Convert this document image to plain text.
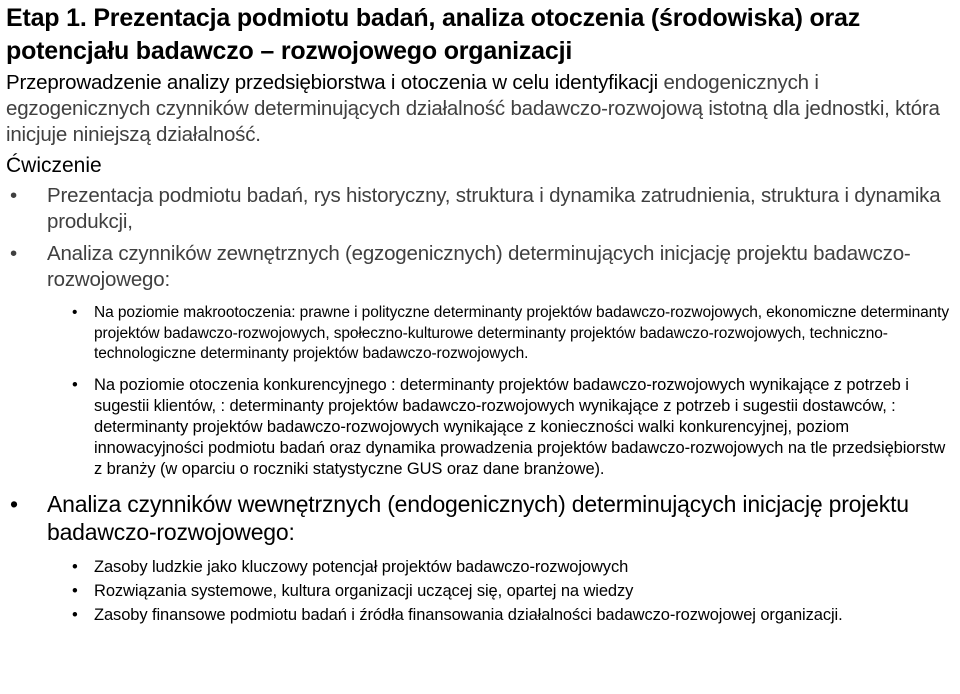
Etap 1. Prezentacja podmiotu badań, analiza otoczenia (środowiska) oraz potencjału badawczo – rozwojowego organizacji

Przeprowadzenie analizy przedsiębiorstwa i otoczenia w celu identyfikacji endogenicznych i egzogenicznych czynników determinujących działalność badawczo-rozwojową istotną dla jednostki, która inicjuje niniejszą działalność.

Ćwiczenie
• Prezentacja podmiotu badań, rys historyczny, struktura i dynamika zatrudnienia, struktura i dynamika produkcji,
• Analiza czynników zewnętrznych (egzogenicznych) determinujących inicjację projektu badawczo-rozwojowego:
• Na poziomie makrootoczenia: prawne i polityczne determinanty projektów badawczo-rozwojowych, ekonomiczne determinanty projektów badawczo-rozwojowych, społeczno-kulturowe determinanty projektów badawczo-rozwojowych, techniczno-technologiczne determinanty projektów badawczo-rozwojowych.
• Na poziomie otoczenia konkurencyjnego : determinanty projektów badawczo-rozwojowych wynikające z potrzeb i sugestii klientów, : determinanty projektów badawczo-rozwojowych wynikające z potrzeb i sugestii dostawców, : determinanty projektów badawczo-rozwojowych wynikające z konieczności walki konkurencyjnej, poziom innowacyjności podmiotu badań oraz dynamika prowadzenia projektów badawczo-rozwojowych na tle przedsiębiorstw z branży (w oparciu o roczniki statystyczne GUS oraz dane branżowe).
• Analiza czynników wewnętrznych (endogenicznych) determinujących inicjację projektu badawczo-rozwojowego:
• Zasoby ludzkie jako kluczowy potencjał projektów badawczo-rozwojowych
• Rozwiązania systemowe, kultura organizacji uczącej się, opartej na wiedzy
• Zasoby finansowe podmiotu badań i źródła finansowania działalności badawczo-rozwojowej organizacji.
